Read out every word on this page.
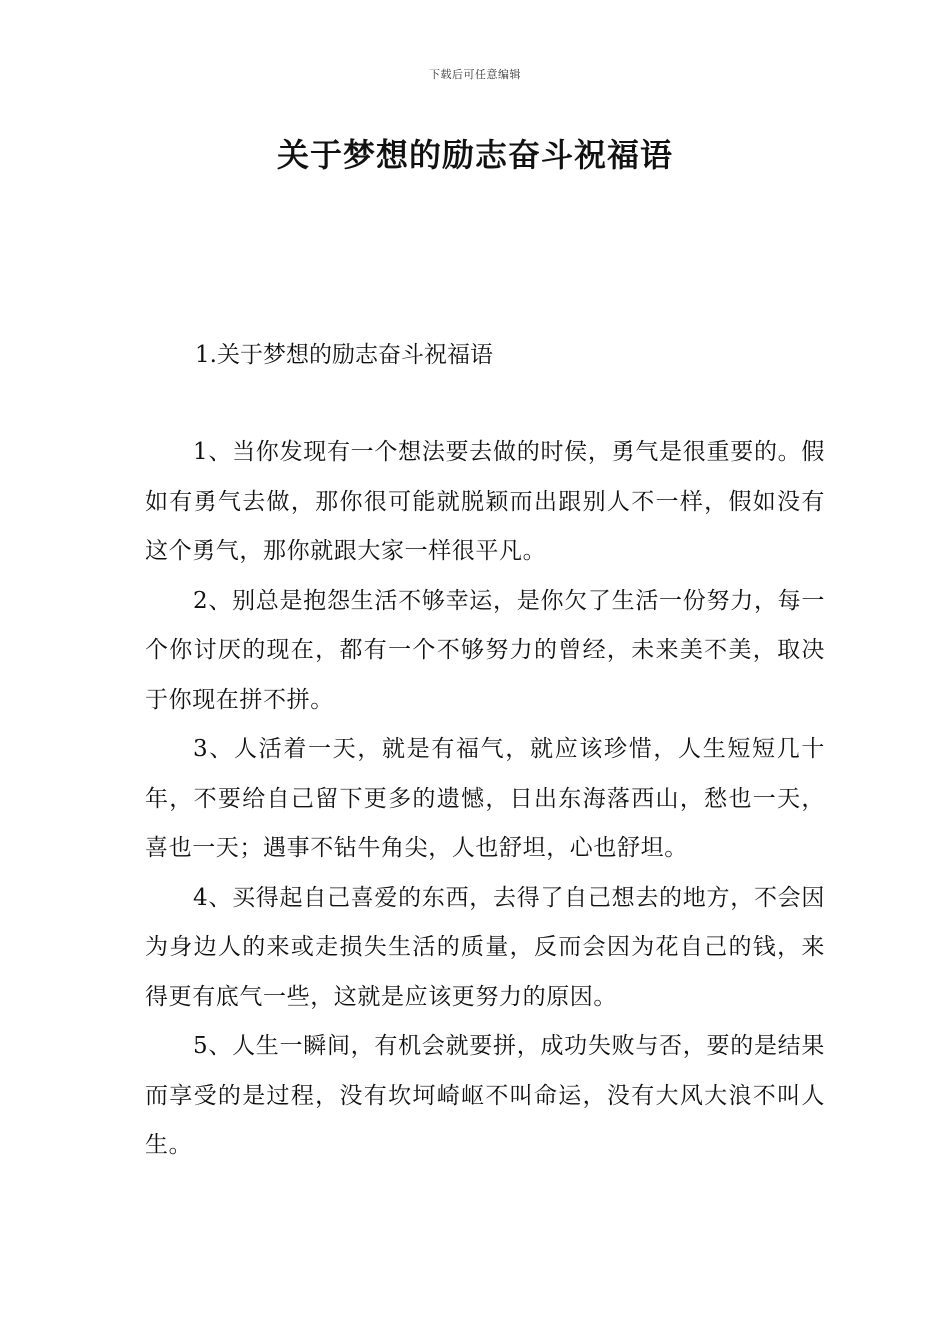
下载后可任意编辑
关于梦想的励志奋斗祝福语
1.关于梦想的励志奋斗祝福语

1、当你发现有一个想法要去做的时侯，勇气是很重要的。假如有勇气去做，那你很可能就脱颖而出跟别人不一样，假如没有这个勇气，那你就跟大家一样很平凡。

2、别总是抱怨生活不够幸运，是你欠了生活一份努力，每一个你讨厌的现在，都有一个不够努力的曾经，未来美不美，取决于你现在拼不拼。

3、人活着一天，就是有福气，就应该珍惜，人生短短几十年，不要给自己留下更多的遗憾，日出东海落西山，愁也一天，喜也一天；遇事不钻牛角尖，人也舒坦，心也舒坦。

4、买得起自己喜爱的东西，去得了自己想去的地方，不会因为身边人的来或走损失生活的质量，反而会因为花自己的钱，来得更有底气一些，这就是应该更努力的原因。

5、人生一瞬间，有机会就要拼，成功失败与否，要的是结果而享受的是过程，没有坎坷崎岖不叫命运，没有大风大浪不叫人生。
